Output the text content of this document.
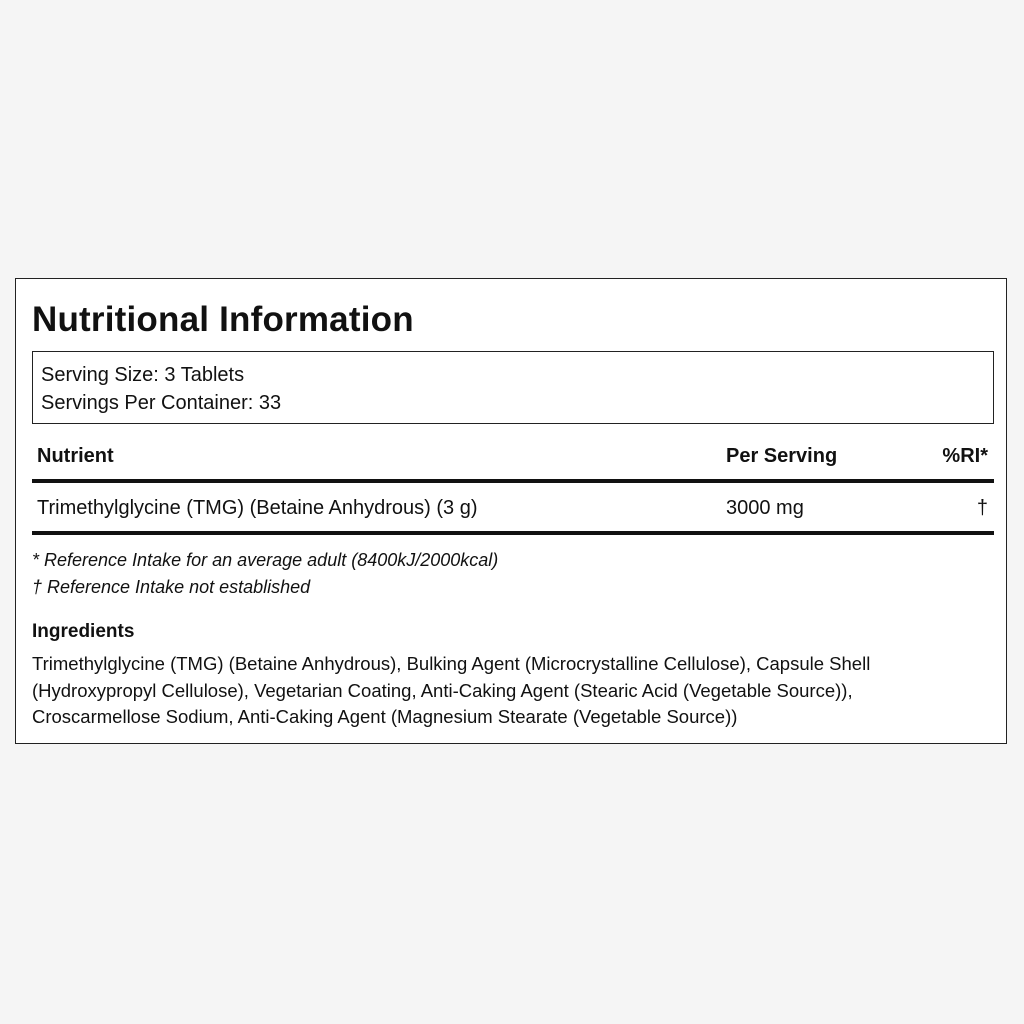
Nutritional Information
Serving Size: 3 Tablets
Servings Per Container: 33
Nutrient	Per Serving	%RI*
Trimethylglycine (TMG) (Betaine Anhydrous) (3 g)	3000 mg	†
* Reference Intake for an average adult (8400kJ/2000kcal)
† Reference Intake not established
Ingredients

Trimethylglycine (TMG) (Betaine Anhydrous), Bulking Agent (Microcrystalline Cellulose), Capsule Shell (Hydroxypropyl Cellulose), Vegetarian Coating, Anti-Caking Agent (Stearic Acid (Vegetable Source)), Croscarmellose Sodium, Anti-Caking Agent (Magnesium Stearate (Vegetable Source))
